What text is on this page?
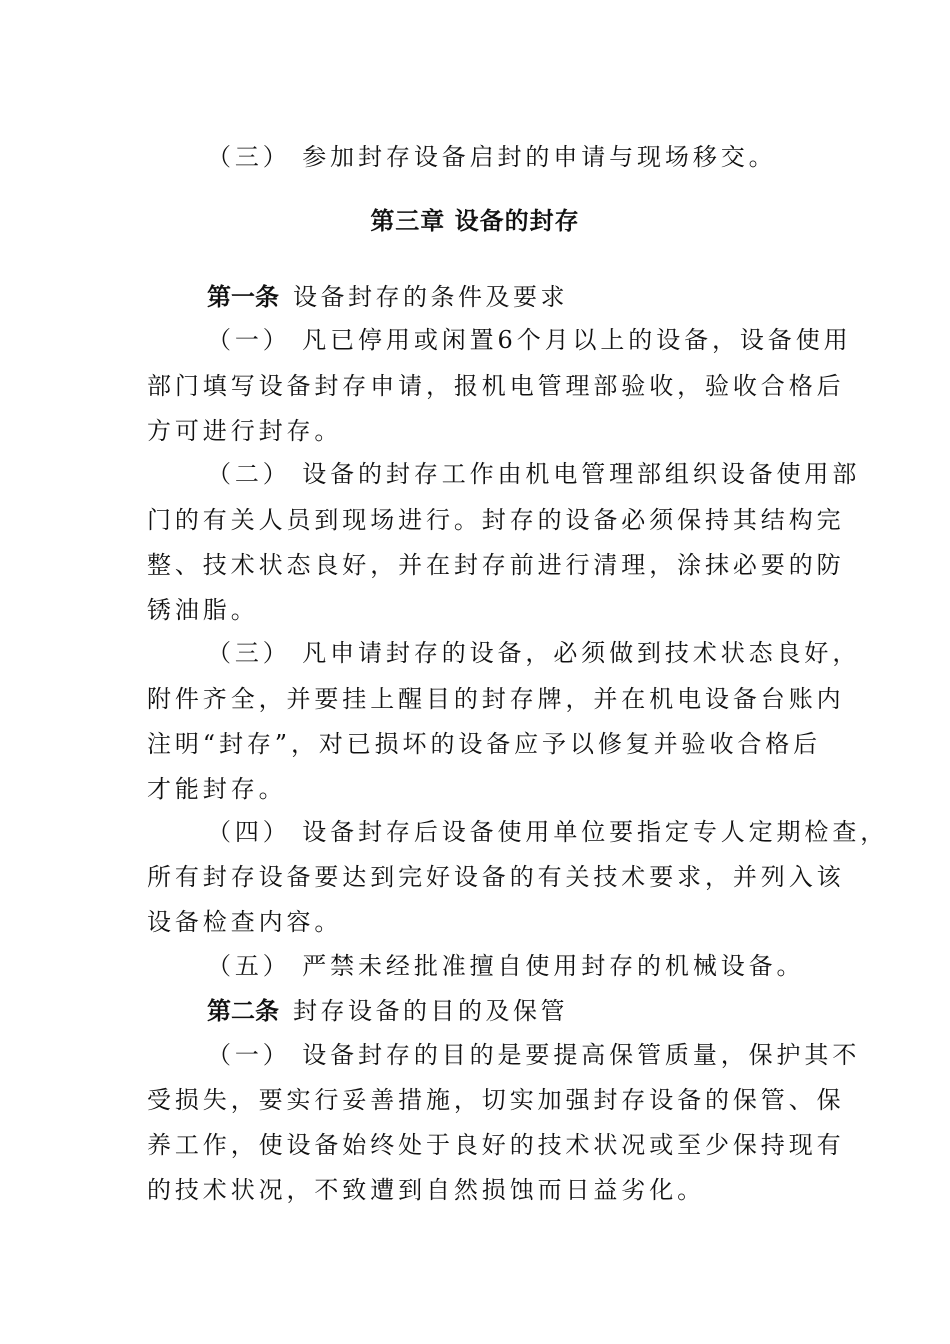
（三） 参加封存设备启封的申请与现场移交。
第三章 设备的封存
第一条 设备封存的条件及要求
（一） 凡已停用或闲置6个月以上的设备，设备使用
部门填写设备封存申请，报机电管理部验收，验收合格后
方可进行封存。
（二） 设备的封存工作由机电管理部组织设备使用部
门的有关人员到现场进行。封存的设备必须保持其结构完
整、技术状态良好，并在封存前进行清理，涂抹必要的防
锈油脂。
（三） 凡申请封存的设备，必须做到技术状态良好，
附件齐全，并要挂上醒目的封存牌，并在机电设备台账内
注明“封存”，对已损坏的设备应予以修复并验收合格后
才能封存。
（四） 设备封存后设备使用单位要指定专人定期检查，
所有封存设备要达到完好设备的有关技术要求，并列入该
设备检查内容。
（五） 严禁未经批准擅自使用封存的机械设备。
第二条 封存设备的目的及保管
（一） 设备封存的目的是要提高保管质量，保护其不
受损失，要实行妥善措施，切实加强封存设备的保管、保
养工作，使设备始终处于良好的技术状况或至少保持现有
的技术状况，不致遭到自然损蚀而日益劣化。
